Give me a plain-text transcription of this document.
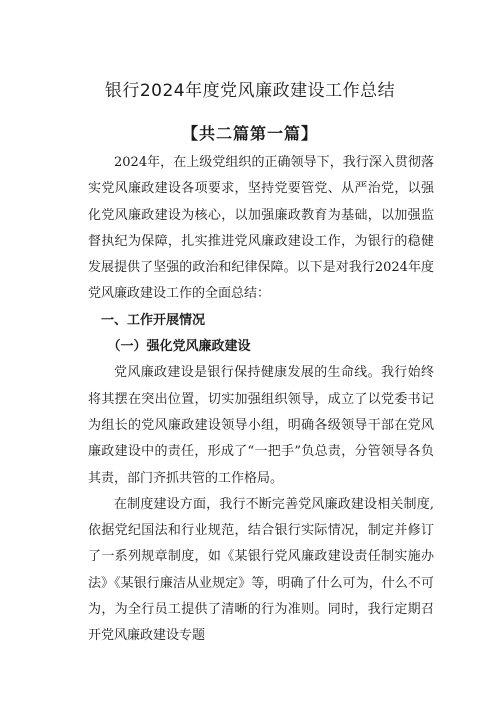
银行2024年度党风廉政建设工作总结
【共二篇第一篇】

2024年，在上级党组织的正确领导下，我行深入贯彻落实党风廉政建设各项要求，坚持党要管党、从严治党，以强化党风廉政建设为核心，以加强廉政教育为基础，以加强监督执纪为保障，扎实推进党风廉政建设工作，为银行的稳健发展提供了坚强的政治和纪律保障。以下是对我行2024年度党风廉政建设工作的全面总结：

一、工作开展情况

（一）强化党风廉政建设

党风廉政建设是银行保持健康发展的生命线。我行始终将其摆在突出位置，切实加强组织领导，成立了以党委书记为组长的党风廉政建设领导小组，明确各级领导干部在党风廉政建设中的责任，形成了“一把手”负总责，分管领导各负其责，部门齐抓共管的工作格局。

在制度建设方面，我行不断完善党风廉政建设相关制度,依据党纪国法和行业规范，结合银行实际情况，制定并修订了一系列规章制度，如《某银行党风廉政建设责任制实施办法》《某银行廉洁从业规定》等，明确了什么可为，什么不可为，为全行员工提供了清晰的行为准则。同时，我行定期召开党风廉政建设专题
